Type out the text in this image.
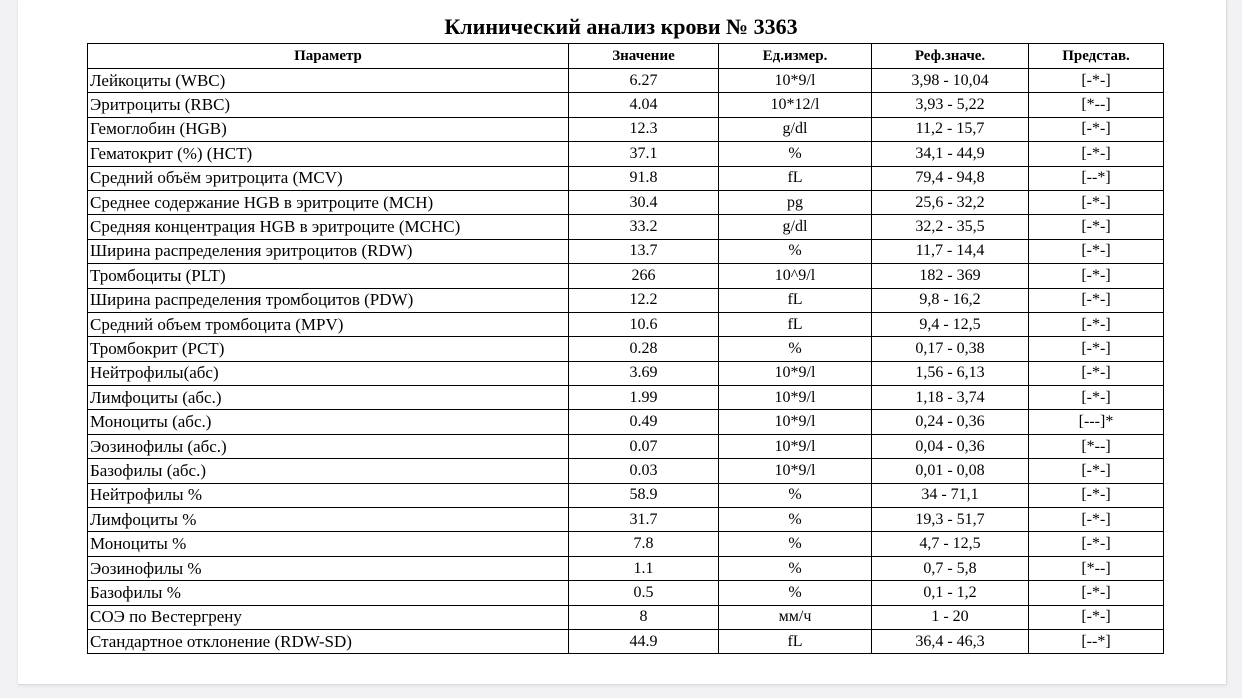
Клинический анализ крови № 3363
Параметр	Значение	Ед.измер.	Реф.значе.	Представ.
Лейкоциты (WBC)	6.27	10*9/l	3,98 - 10,04	[-*-]
Эритроциты (RBC)	4.04	10*12/l	3,93 - 5,22	[*--]
Гемоглобин (HGB)	12.3	g/dl	11,2 - 15,7	[-*-]
Гематокрит (%) (HCT)	37.1	%	34,1 - 44,9	[-*-]
Средний объём эритроцита (MCV)	91.8	fL	79,4 - 94,8	[--*]
Среднее содержание HGB в эритроците (MCH)	30.4	pg	25,6 - 32,2	[-*-]
Средняя концентрация HGB в эритроците (MCHC)	33.2	g/dl	32,2 - 35,5	[-*-]
Ширина распределения эритроцитов (RDW)	13.7	%	11,7 - 14,4	[-*-]
Тромбоциты (PLT)	266	10^9/l	182 - 369	[-*-]
Ширина распределения тромбоцитов (PDW)	12.2	fL	9,8 - 16,2	[-*-]
Средний объем тромбоцита (MPV)	10.6	fL	9,4 - 12,5	[-*-]
Тромбокрит (PCT)	0.28	%	0,17 - 0,38	[-*-]
Нейтрофилы(абс)	3.69	10*9/l	1,56 - 6,13	[-*-]
Лимфоциты (абс.)	1.99	10*9/l	1,18 - 3,74	[-*-]
Моноциты (абс.)	0.49	10*9/l	0,24 - 0,36	[---]*
Эозинофилы (абс.)	0.07	10*9/l	0,04 - 0,36	[*--]
Базофилы (абс.)	0.03	10*9/l	0,01 - 0,08	[-*-]
Нейтрофилы %	58.9	%	34 - 71,1	[-*-]
Лимфоциты %	31.7	%	19,3 - 51,7	[-*-]
Моноциты %	7.8	%	4,7 - 12,5	[-*-]
Эозинофилы %	1.1	%	0,7 - 5,8	[*--]
Базофилы %	0.5	%	0,1 - 1,2	[-*-]
СОЭ по Вестергрену	8	мм/ч	1 - 20	[-*-]
Стандартное отклонение (RDW-SD)	44.9	fL	36,4 - 46,3	[--*]
